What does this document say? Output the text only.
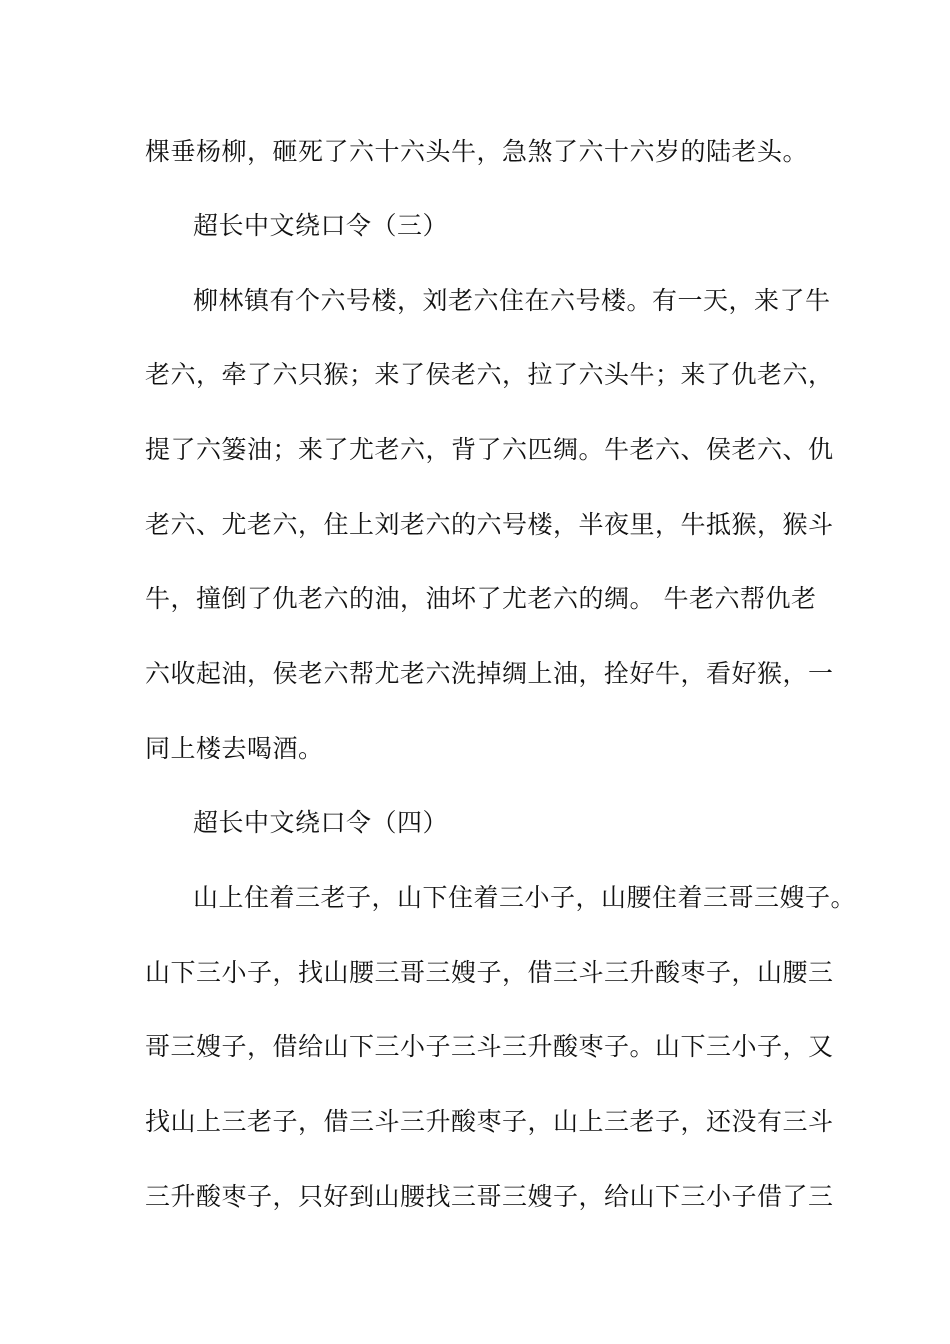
棵垂杨柳，砸死了六十六头牛，急煞了六十六岁的陆老头。
超长中文绕口令（三）
柳林镇有个六号楼，刘老六住在六号楼。有一天，来了牛
老六，牵了六只猴；来了侯老六，拉了六头牛；来了仇老六，
提了六篓油；来了尤老六，背了六匹绸。牛老六、侯老六、仇
老六、尤老六，住上刘老六的六号楼，半夜里，牛抵猴，猴斗
牛，撞倒了仇老六的油，油坏了尤老六的绸。 牛老六帮仇老
六收起油，侯老六帮尤老六洗掉绸上油，拴好牛，看好猴，一
同上楼去喝酒。
超长中文绕口令（四）
山上住着三老子，山下住着三小子，山腰住着三哥三嫂子。
山下三小子，找山腰三哥三嫂子，借三斗三升酸枣子，山腰三
哥三嫂子，借给山下三小子三斗三升酸枣子。山下三小子，又
找山上三老子，借三斗三升酸枣子，山上三老子，还没有三斗
三升酸枣子，只好到山腰找三哥三嫂子，给山下三小子借了三
